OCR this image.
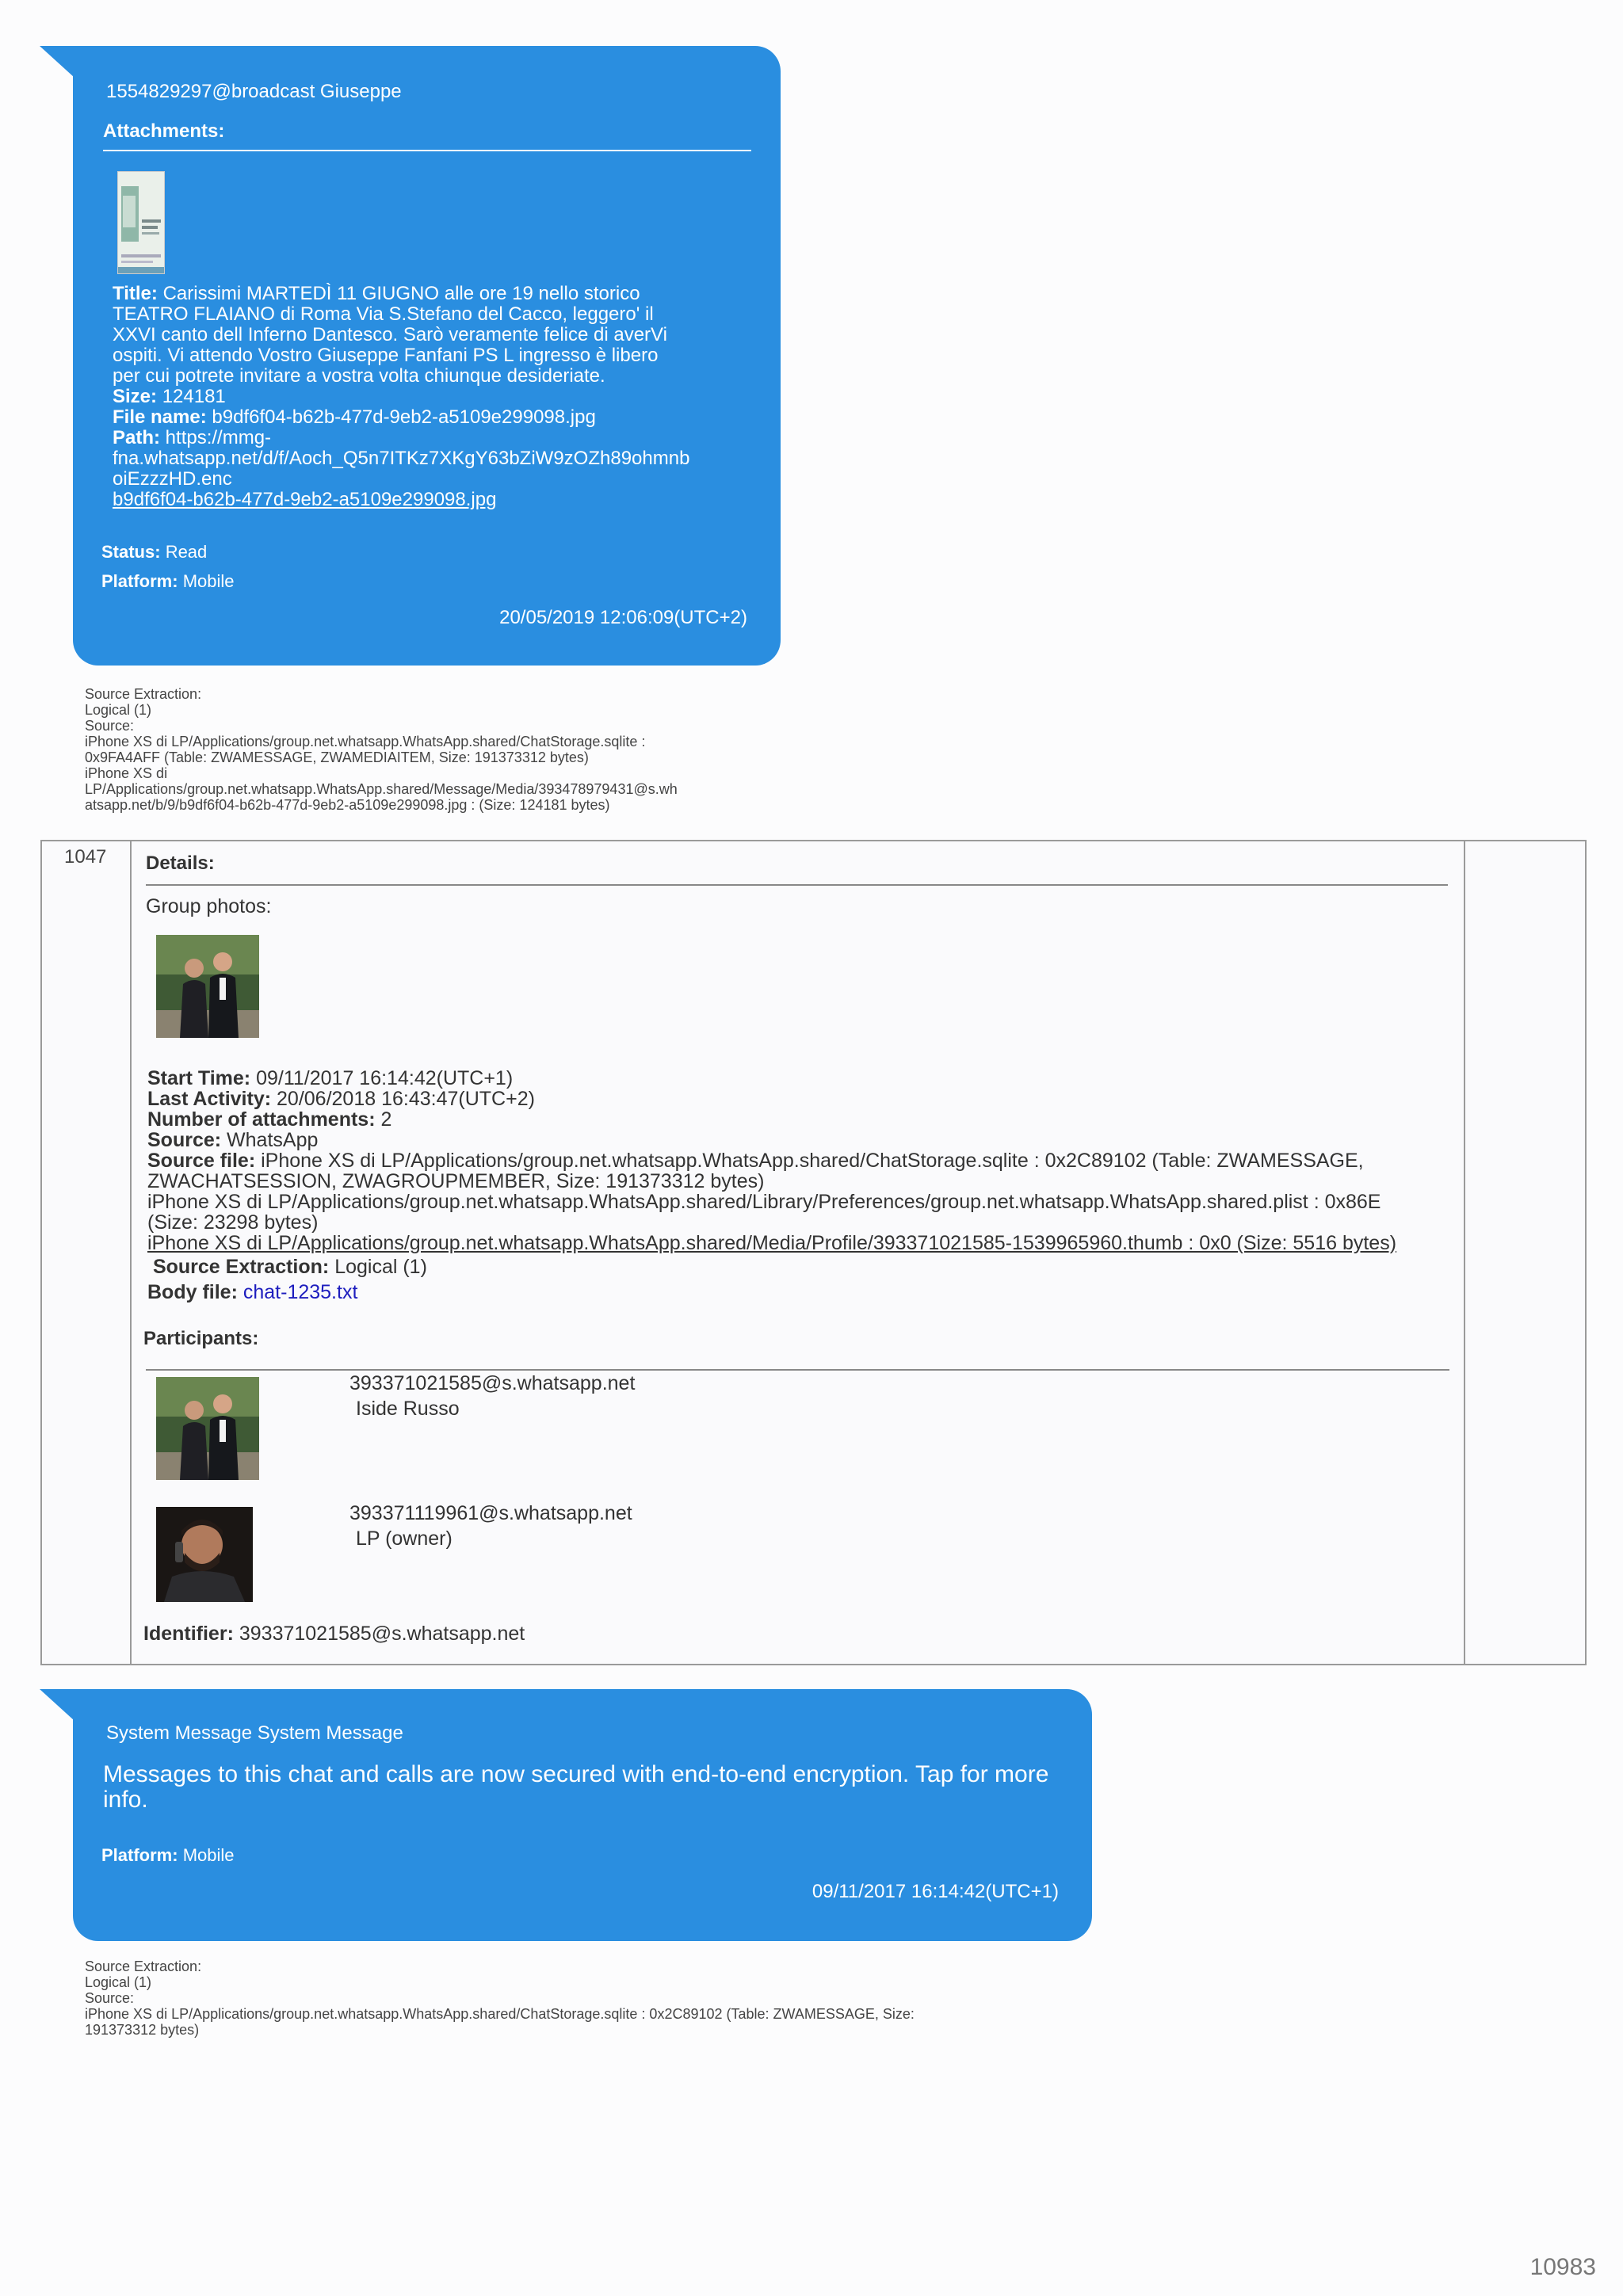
1554829297@broadcast Giuseppe
Attachments:
Title: Carissimi MARTEDÌ 11 GIUGNO alle ore 19 nello storico
TEATRO FLAIANO di Roma Via S.Stefano del Cacco, leggero' il
XXVI canto dell Inferno Dantesco. Sarò veramente felice di averVi
ospiti. Vi attendo Vostro Giuseppe Fanfani PS L ingresso è libero
per cui potrete invitare a vostra volta chiunque desideriate.
Size: 124181
File name: b9df6f04-b62b-477d-9eb2-a5109e299098.jpg
Path: https://mmg-
fna.whatsapp.net/d/f/Aoch_Q5n7ITKz7XKgY63bZiW9zOZh89ohmnb
oiEzzzHD.enc
b9df6f04-b62b-477d-9eb2-a5109e299098.jpg
Status: Read
Platform: Mobile
20/05/2019 12:06:09(UTC+2)
Source Extraction:
Logical (1)
Source:
iPhone XS di LP/Applications/group.net.whatsapp.WhatsApp.shared/ChatStorage.sqlite :
0x9FA4AFF (Table: ZWAMESSAGE, ZWAMEDIAITEM, Size: 191373312 bytes)
iPhone XS di
LP/Applications/group.net.whatsapp.WhatsApp.shared/Message/Media/393478979431@s.wh
atsapp.net/b/9/b9df6f04-b62b-477d-9eb2-a5109e299098.jpg : (Size: 124181 bytes)
1047 Details:
Group photos:
Start Time: 09/11/2017 16:14:42(UTC+1)
Last Activity: 20/06/2018 16:43:47(UTC+2)
Number of attachments: 2
Source: WhatsApp
Source file: iPhone XS di LP/Applications/group.net.whatsapp.WhatsApp.shared/ChatStorage.sqlite : 0x2C89102 (Table: ZWAMESSAGE,
ZWACHATSESSION, ZWAGROUPMEMBER, Size: 191373312 bytes)
iPhone XS di LP/Applications/group.net.whatsapp.WhatsApp.shared/Library/Preferences/group.net.whatsapp.WhatsApp.shared.plist : 0x86E
(Size: 23298 bytes)
iPhone XS di LP/Applications/group.net.whatsapp.WhatsApp.shared/Media/Profile/393371021585-1539965960.thumb : 0x0 (Size: 5516 bytes)
Source Extraction: Logical (1)
Body file: chat-1235.txt
Participants:
393371021585@s.whatsapp.net
Iside Russo
393371119961@s.whatsapp.net
LP (owner)
Identifier: 393371021585@s.whatsapp.net
System Message System Message
Messages to this chat and calls are now secured with end-to-end encryption. Tap for more info.
Platform: Mobile
09/11/2017 16:14:42(UTC+1)
Source Extraction:
Logical (1)
Source:
iPhone XS di LP/Applications/group.net.whatsapp.WhatsApp.shared/ChatStorage.sqlite : 0x2C89102 (Table: ZWAMESSAGE, Size:
191373312 bytes)
10983
